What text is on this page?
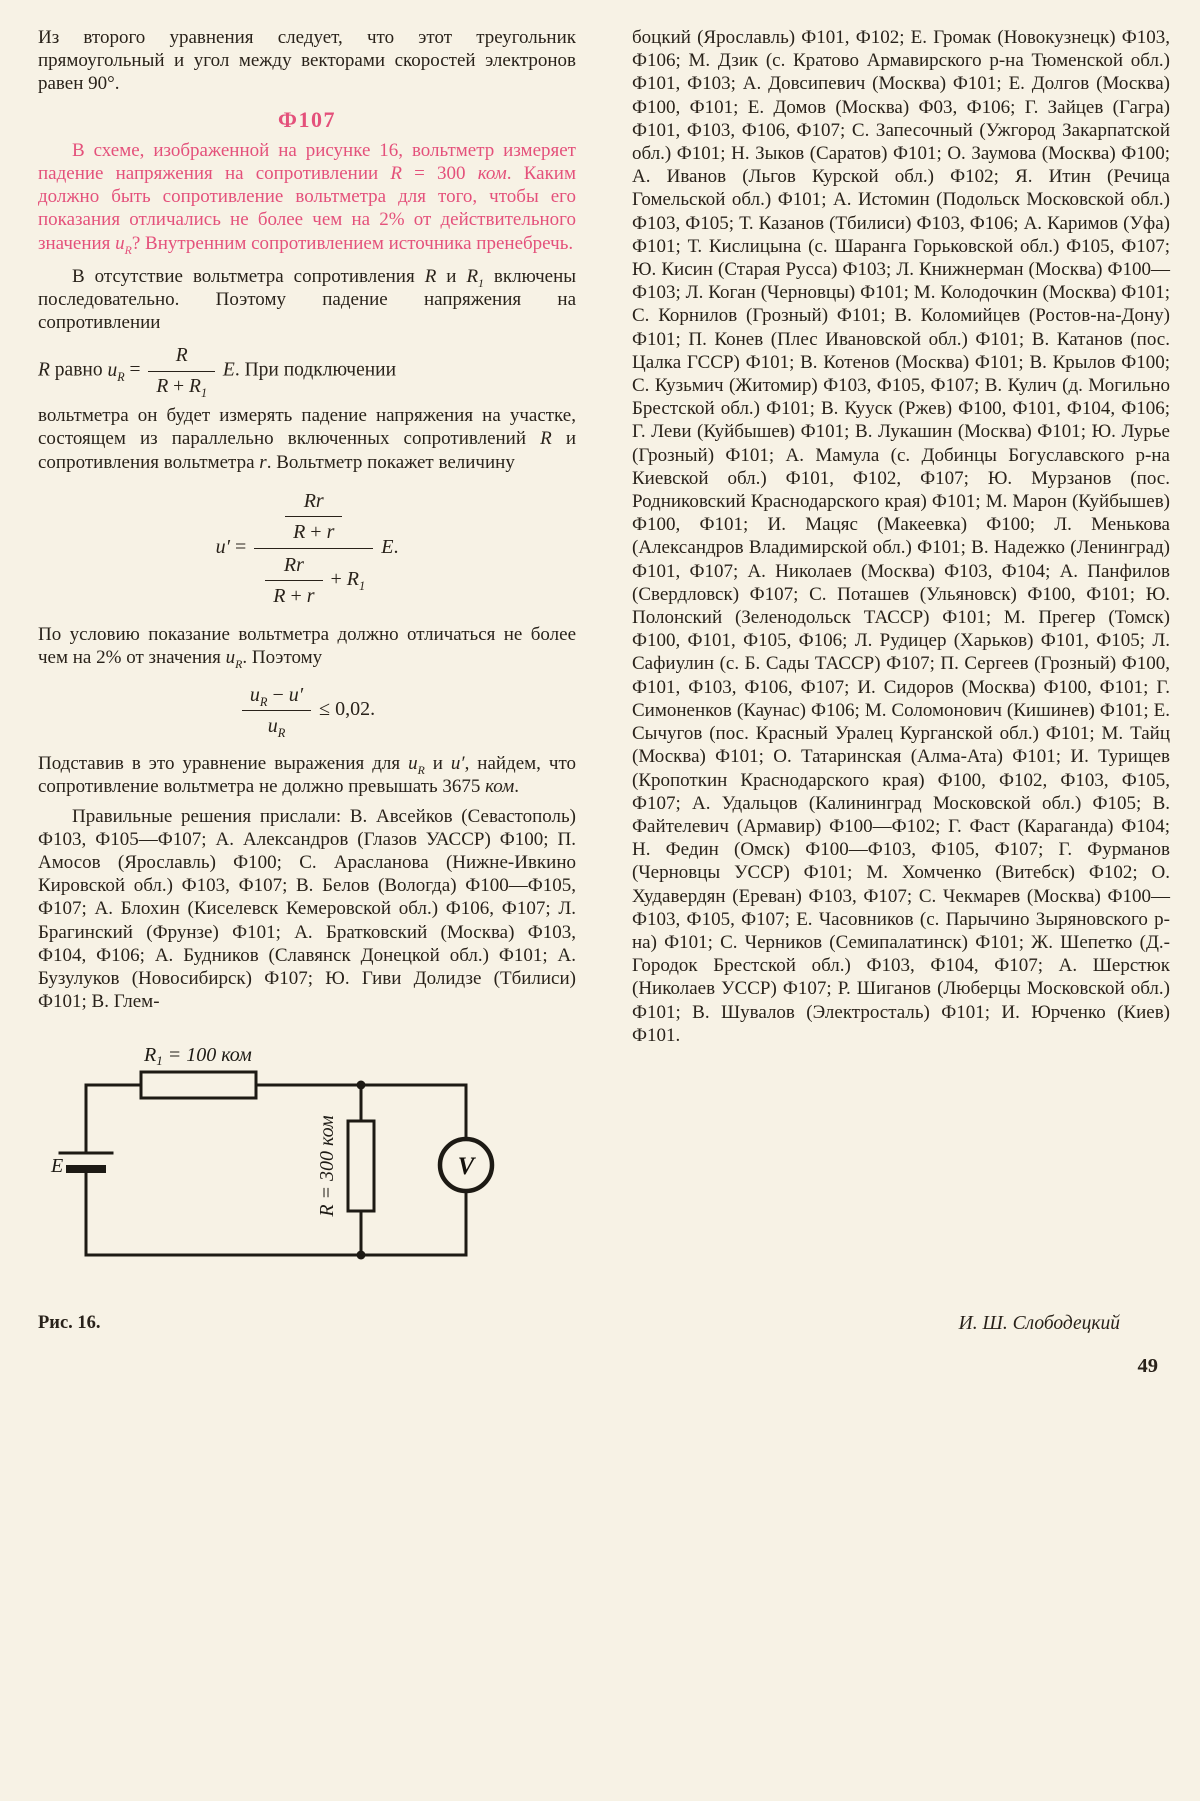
Из второго уравнения следует, что этот треугольник прямоугольный и угол между векторами скоростей электронов равен 90°.

Ф107

В схеме, изображенной на рисунке 16, вольтметр измеряет падение напряжения на сопротивлении R = 300 ком. Каким должно быть сопротивление вольтметра для того, чтобы его показания отличались не более чем на 2% от действительного значения $u_R$? Внутренним сопротивлением источника пренебречь.

В отсутствие вольтметра сопротивления R и $R_1$ включены последовательно. Поэтому падение напряжения на сопротивлении

R равно $u_R = \frac{R}{R + R_1} E$. При подключении

вольтметра он будет измерять падение напряжения на участке, состоящем из параллельно включенных сопротивлений R и сопротивления вольтметра r. Вольтметр покажет величину

$u' = \frac{\frac{Rr}{R + r}}{\frac{Rr}{R + r} + R_1} E$.

По условию показание вольтметра должно отличаться не более чем на 2% от значения $u_R$. Поэтому

$\frac{u_R - u'}{u_R} \le 0,02$.

Подставив в это уравнение выражения для $u_R$ и u′, найдем, что сопротивление вольтметра не должно превышать 3675 ком.

Правильные решения прислали: В. Авсейков (Севастополь) Ф103, Ф105—Ф107; А. Александров (Глазов УАССР) Ф100; П. Амосов (Ярославль) Ф100; С. Арасланова (Нижне-Ивкино Кировской обл.) Ф103, Ф107; В. Белов (Вологда) Ф100—Ф105, Ф107; А. Блохин (Киселевск Кемеровской обл.) Ф106, Ф107; Л. Брагинский (Фрунзе) Ф101; А. Братковский (Москва) Ф103, Ф104, Ф106; А. Будников (Славянск Донецкой обл.) Ф101; А. Бузулуков (Новосибирск) Ф107; Ю. Гиви Долидзе (Тбилиси) Ф101; В. Глем-

$R_1 = 100$ ком
E
R = 300 ком	V
Рис. 16.

боцкий (Ярославль) Ф101, Ф102; Е. Громак (Новокузнецк) Ф103, Ф106; М. Дзик (с. Кратово Армавирского р-на Тюменской обл.) Ф101, Ф103; А. Довсипевич (Москва) Ф101; Е. Долгов (Москва) Ф100, Ф101; Е. Домов (Москва) Ф03, Ф106; Г. Зайцев (Гагра) Ф101, Ф103, Ф106, Ф107; С. Запесочный (Ужгород Закарпатской обл.) Ф101; Н. Зыков (Саратов) Ф101; О. Заумова (Москва) Ф100; А. Иванов (Льгов Курской обл.) Ф102; Я. Итин (Речица Гомельской обл.) Ф101; А. Истомин (Подольск Московской обл.) Ф103, Ф105; Т. Казанов (Тбилиси) Ф103, Ф106; А. Каримов (Уфа) Ф101; Т. Кислицына (с. Шаранга Горьковской обл.) Ф105, Ф107; Ю. Кисин (Старая Русса) Ф103; Л. Книжнерман (Москва) Ф100—Ф103; Л. Коган (Черновцы) Ф101; М. Колодочкин (Москва) Ф101; С. Корнилов (Грозный) Ф101; В. Коломийцев (Ростов-на-Дону) Ф101; П. Конев (Плес Ивановской обл.) Ф101; В. Катанов (пос. Цалка ГССР) Ф101; В. Котенов (Москва) Ф101; В. Крылов Ф100; С. Кузьмич (Житомир) Ф103, Ф105, Ф107; В. Кулич (д. Могильно Брестской обл.) Ф101; В. Кууск (Ржев) Ф100, Ф101, Ф104, Ф106; Г. Леви (Куйбышев) Ф101; В. Лукашин (Москва) Ф101; Ю. Лурье (Грозный) Ф101; А. Мамула (с. Добинцы Богуславского р-на Киевской обл.) Ф101, Ф102, Ф107; Ю. Мурзанов (пос. Родниковский Краснодарского края) Ф101; М. Марон (Куйбышев) Ф100, Ф101; И. Мацяс (Макеевка) Ф100; Л. Менькова (Александров Владимирской обл.) Ф101; В. Надежко (Ленинград) Ф101, Ф107; А. Николаев (Москва) Ф103, Ф104; А. Панфилов (Свердловск) Ф107; С. Поташев (Ульяновск) Ф100, Ф101; Ю. Полонский (Зеленодольск ТАССР) Ф101; М. Прегер (Томск) Ф100, Ф101, Ф105, Ф106; Л. Рудицер (Харьков) Ф101, Ф105; Л. Сафиулин (с. Б. Сады ТАССР) Ф107; П. Сергеев (Грозный) Ф100, Ф101, Ф103, Ф106, Ф107; И. Сидоров (Москва) Ф100, Ф101; Г. Симоненков (Каунас) Ф106; М. Соломонович (Кишинев) Ф101; Е. Сычугов (пос. Красный Уралец Курганской обл.) Ф101; М. Тайц (Москва) Ф101; О. Татаринская (Алма-Ата) Ф101; И. Турищев (Кропоткин Краснодарского края) Ф100, Ф102, Ф103, Ф105, Ф107; А. Удальцов (Калининград Московской обл.) Ф105; В. Файтелевич (Армавир) Ф100—Ф102; Г. Фаст (Караганда) Ф104; Н. Федин (Омск) Ф100—Ф103, Ф105, Ф107; Г. Фурманов (Черновцы УССР) Ф101; М. Хомченко (Витебск) Ф102; О. Худавердян (Ереван) Ф103, Ф107; С. Чекмарев (Москва) Ф100—Ф103, Ф105, Ф107; Е. Часовников (с. Парычино Зыряновского р-на) Ф101; С. Черников (Семипалатинск) Ф101; Ж. Шепетко (Д.-Городок Брестской обл.) Ф103, Ф104, Ф107; А. Шерстюк (Николаев УССР) Ф107; Р. Шиганов (Люберцы Московской обл.) Ф101; В. Шувалов (Электросталь) Ф101; И. Юрченко (Киев) Ф101.

И. Ш. Слободецкий
49
